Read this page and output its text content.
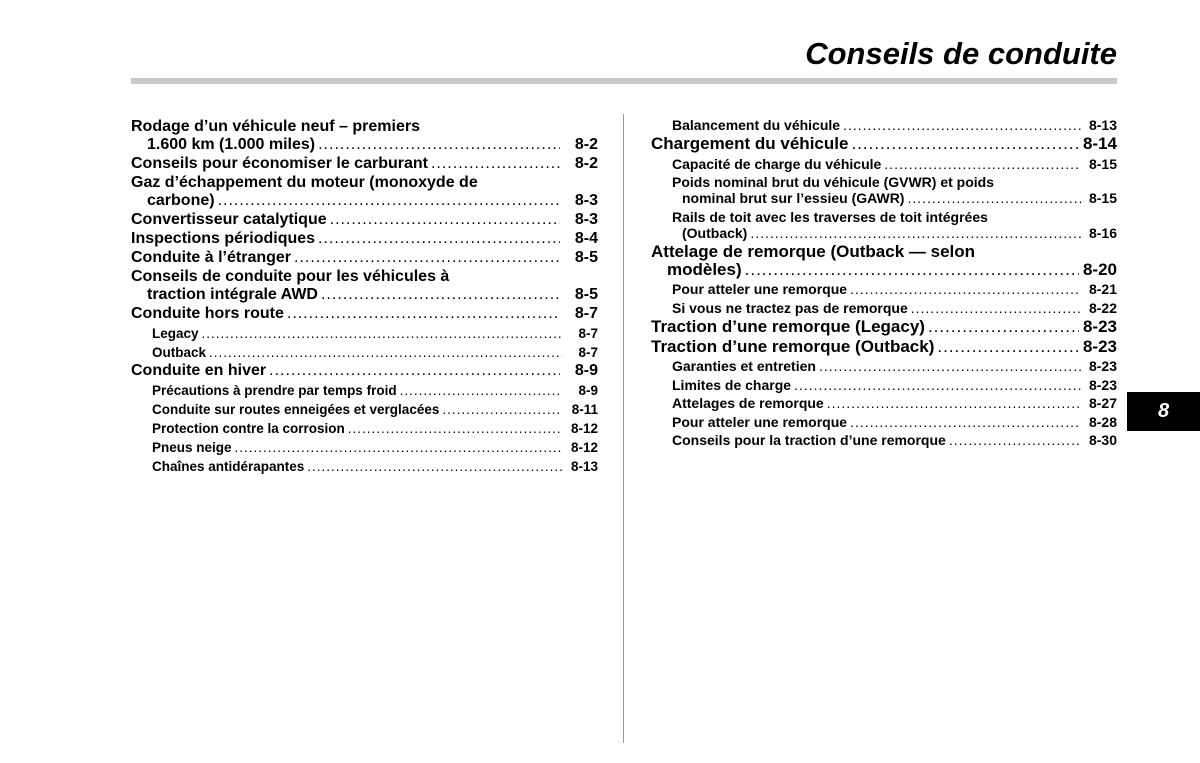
Conseils de conduite
Rodage d’un véhicule neuf – premiers
1.600 km (1.000 miles) .....	8-2
Conseils pour économiser le carburant .....	8-2
Gaz d’échappement du moteur (monoxyde de
carbone) .....	8-3
Convertisseur catalytique .....	8-3
Inspections périodiques .....	8-4
Conduite à l’étranger .....	8-5
Conseils de conduite pour les véhicules à
traction intégrale AWD .....	8-5
Conduite hors route .....	8-7
Legacy .....	8-7
Outback .....	8-7
Conduite en hiver .....	8-9
Précautions à prendre par temps froid .....	8-9
Conduite sur routes enneigées et verglacées .....	8-11
Protection contre la corrosion .....	8-12
Pneus neige .....	8-12
Chaînes antidérapantes .....	8-13
Balancement du véhicule .....	8-13
Chargement du véhicule .....	8-14
Capacité de charge du véhicule .....	8-15
Poids nominal brut du véhicule (GVWR) et poids
nominal brut sur l’essieu (GAWR) .....	8-15
Rails de toit avec les traverses de toit intégrées
(Outback) .....	8-16
Attelage de remorque (Outback — selon
modèles) .....	8-20
Pour atteler une remorque .....	8-21
Si vous ne tractez pas de remorque .....	8-22
Traction d’une remorque (Legacy) .....	8-23
Traction d’une remorque (Outback) .....	8-23
Garanties et entretien .....	8-23
Limites de charge .....	8-23
Attelages de remorque .....	8-27
Pour atteler une remorque .....	8-28
Conseils pour la traction d’une remorque .....	8-30
8
